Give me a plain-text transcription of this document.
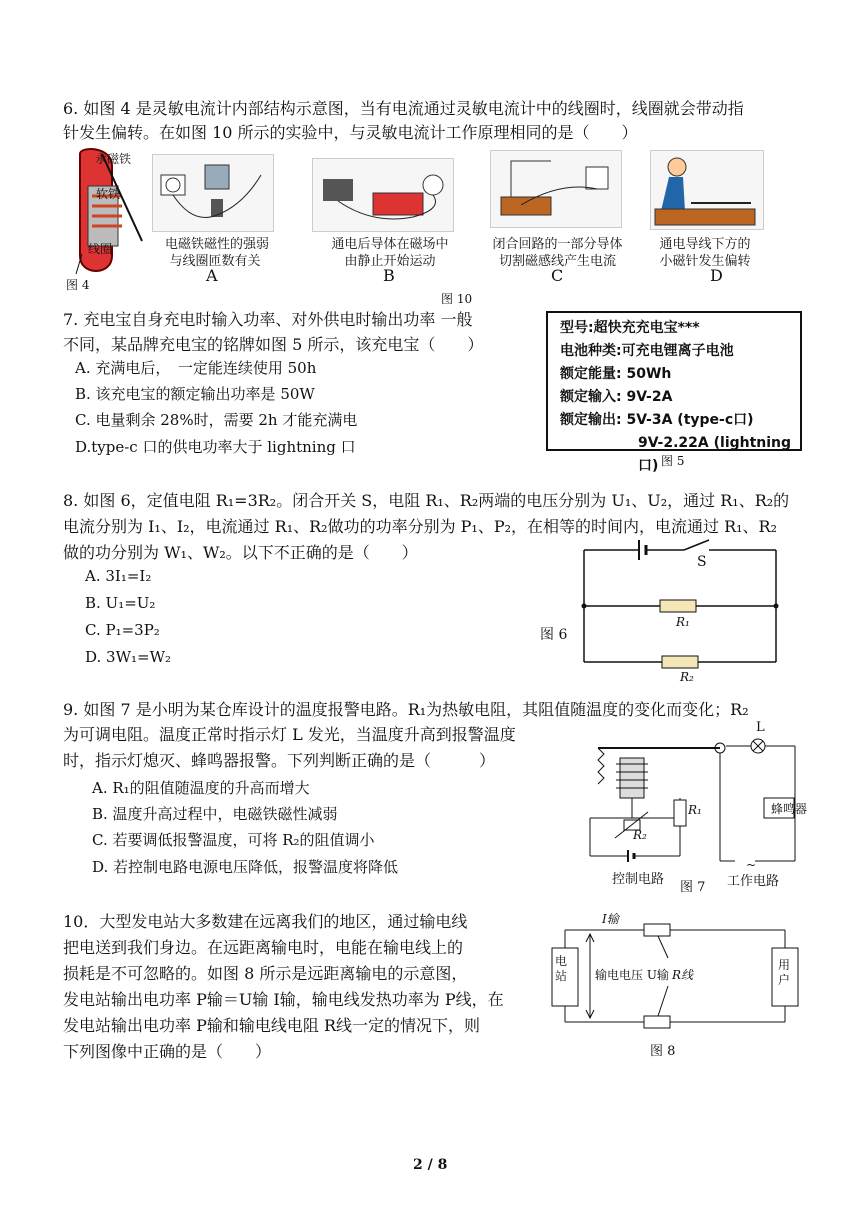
6. 如图 4 是灵敏电流计内部结构示意图，当有电流通过灵敏电流计中的线圈时，线圈就会带动指
针发生偏转。在如图 10 所示的实验中，与灵敏电流计工作原理相同的是（　　）
永磁铁
软铁
线圈
图 4
电磁铁磁性的强弱
与线圈匝数有关
A
通电后导体在磁场中
由静止开始运动
B
闭合回路的一部分导体
切割磁感线产生电流
C
通电导线下方的
小磁针发生偏转
D
图 10
7. 充电宝自身充电时输入功率、对外供电时输出功率 一般
不同，某品牌充电宝的铭牌如图 5 所示，该充电宝（　　）
A. 充满电后，　一定能连续使用 50h
B. 该充电宝的额定输出功率是 50W
C. 电量剩余 28%时，需要 2h 才能充满电
D.type-c 口的供电功率大于 lightning 口
型号:超快充充电宝***
电池种类:可充电锂离子电池
额定能量: 50Wh
额定输入: 9V-2A
额定输出: 5V-3A (type-c口)
9V-2.22A (lightning口) 图 5
8. 如图 6，定值电阻 R₁=3R₂。闭合开关 S，电阻 R₁、R₂两端的电压分别为 U₁、U₂，通过 R₁、R₂的
电流分别为 I₁、I₂，电流通过 R₁、R₂做功的功率分别为 P₁、P₂，在相等的时间内，电流通过 R₁、R₂
做的功分别为 W₁、W₂。以下不正确的是（　　）
A. 3I₁=I₂
B. U₁=U₂
C. P₁=3P₂
D. 3W₁=W₂
S
R₁
R₂
图 6
9. 如图 7 是小明为某仓库设计的温度报警电路。R₁为热敏电阻，其阻值随温度的变化而变化；R₂
为可调电阻。温度正常时指示灯 L 发光，当温度升高到报警温度
时，指示灯熄灭、蜂鸣器报警。下列判断正确的是（　　　）
A. R₁的阻值随温度的升高而增大
B. 温度升高过程中，电磁铁磁性减弱
C. 若要调低报警温度，可将 R₂的阻值调小
D. 若控制电路电源电压降低，报警温度将降低
L
蜂鸣器
R₁
R₂
~
控制电路	工作电路
图 7
10．大型发电站大多数建在远离我们的地区，通过输电线
把电送到我们身边。在远距离输电时，电能在输电线上的
损耗是不可忽略的。如图 8 所示是远距离输电的示意图，
发电站输出电功率 P输＝U输 I输，输电线发热功率为 P线，在
发电站输出电功率 P输和输电线电阻 R线一定的情况下，则
下列图像中正确的是（　　）
I输
电站 输电电压 U输 R线
用户
图 8
2 / 8
